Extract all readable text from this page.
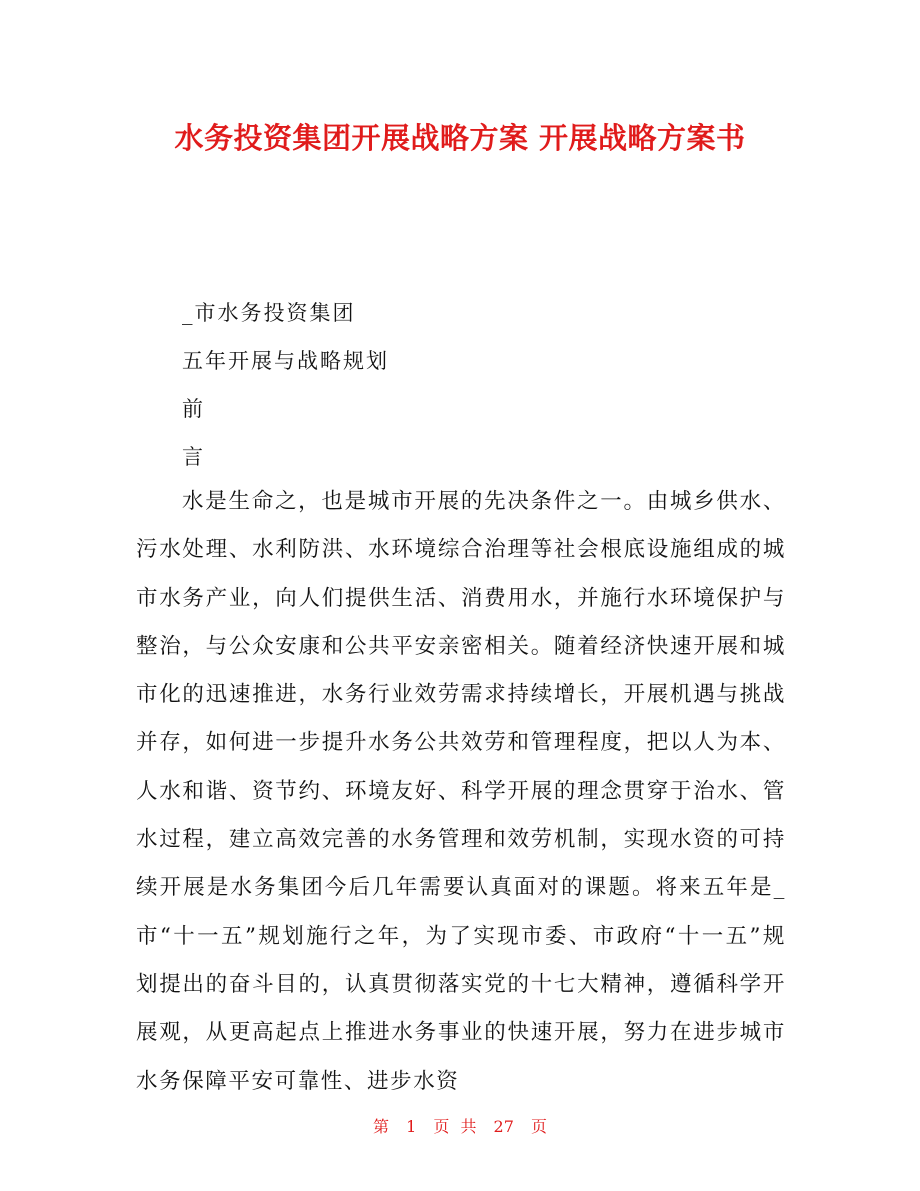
水务投资集团开展战略方案 开展战略方案书
_市水务投资集团
五年开展与战略规划
前
言

水是生命之，也是城市开展的先决条件之一。由城乡供水、污水处理、水利防洪、水环境综合治理等社会根底设施组成的城市水务产业，向人们提供生活、消费用水，并施行水环境保护与整治，与公众安康和公共平安亲密相关。随着经济快速开展和城市化的迅速推进，水务行业效劳需求持续增长，开展机遇与挑战并存，如何进一步提升水务公共效劳和管理程度，把以人为本、人水和谐、资节约、环境友好、科学开展的理念贯穿于治水、管水过程，建立高效完善的水务管理和效劳机制，实现水资的可持续开展是水务集团今后几年需要认真面对的课题。将来五年是_市“十一五”规划施行之年，为了实现市委、市政府“十一五”规划提出的奋斗目的，认真贯彻落实党的十七大精神，遵循科学开展观，从更高起点上推进水务事业的快速开展，努力在进步城市水务保障平安可靠性、进步水资

第 1 页 共 27 页
